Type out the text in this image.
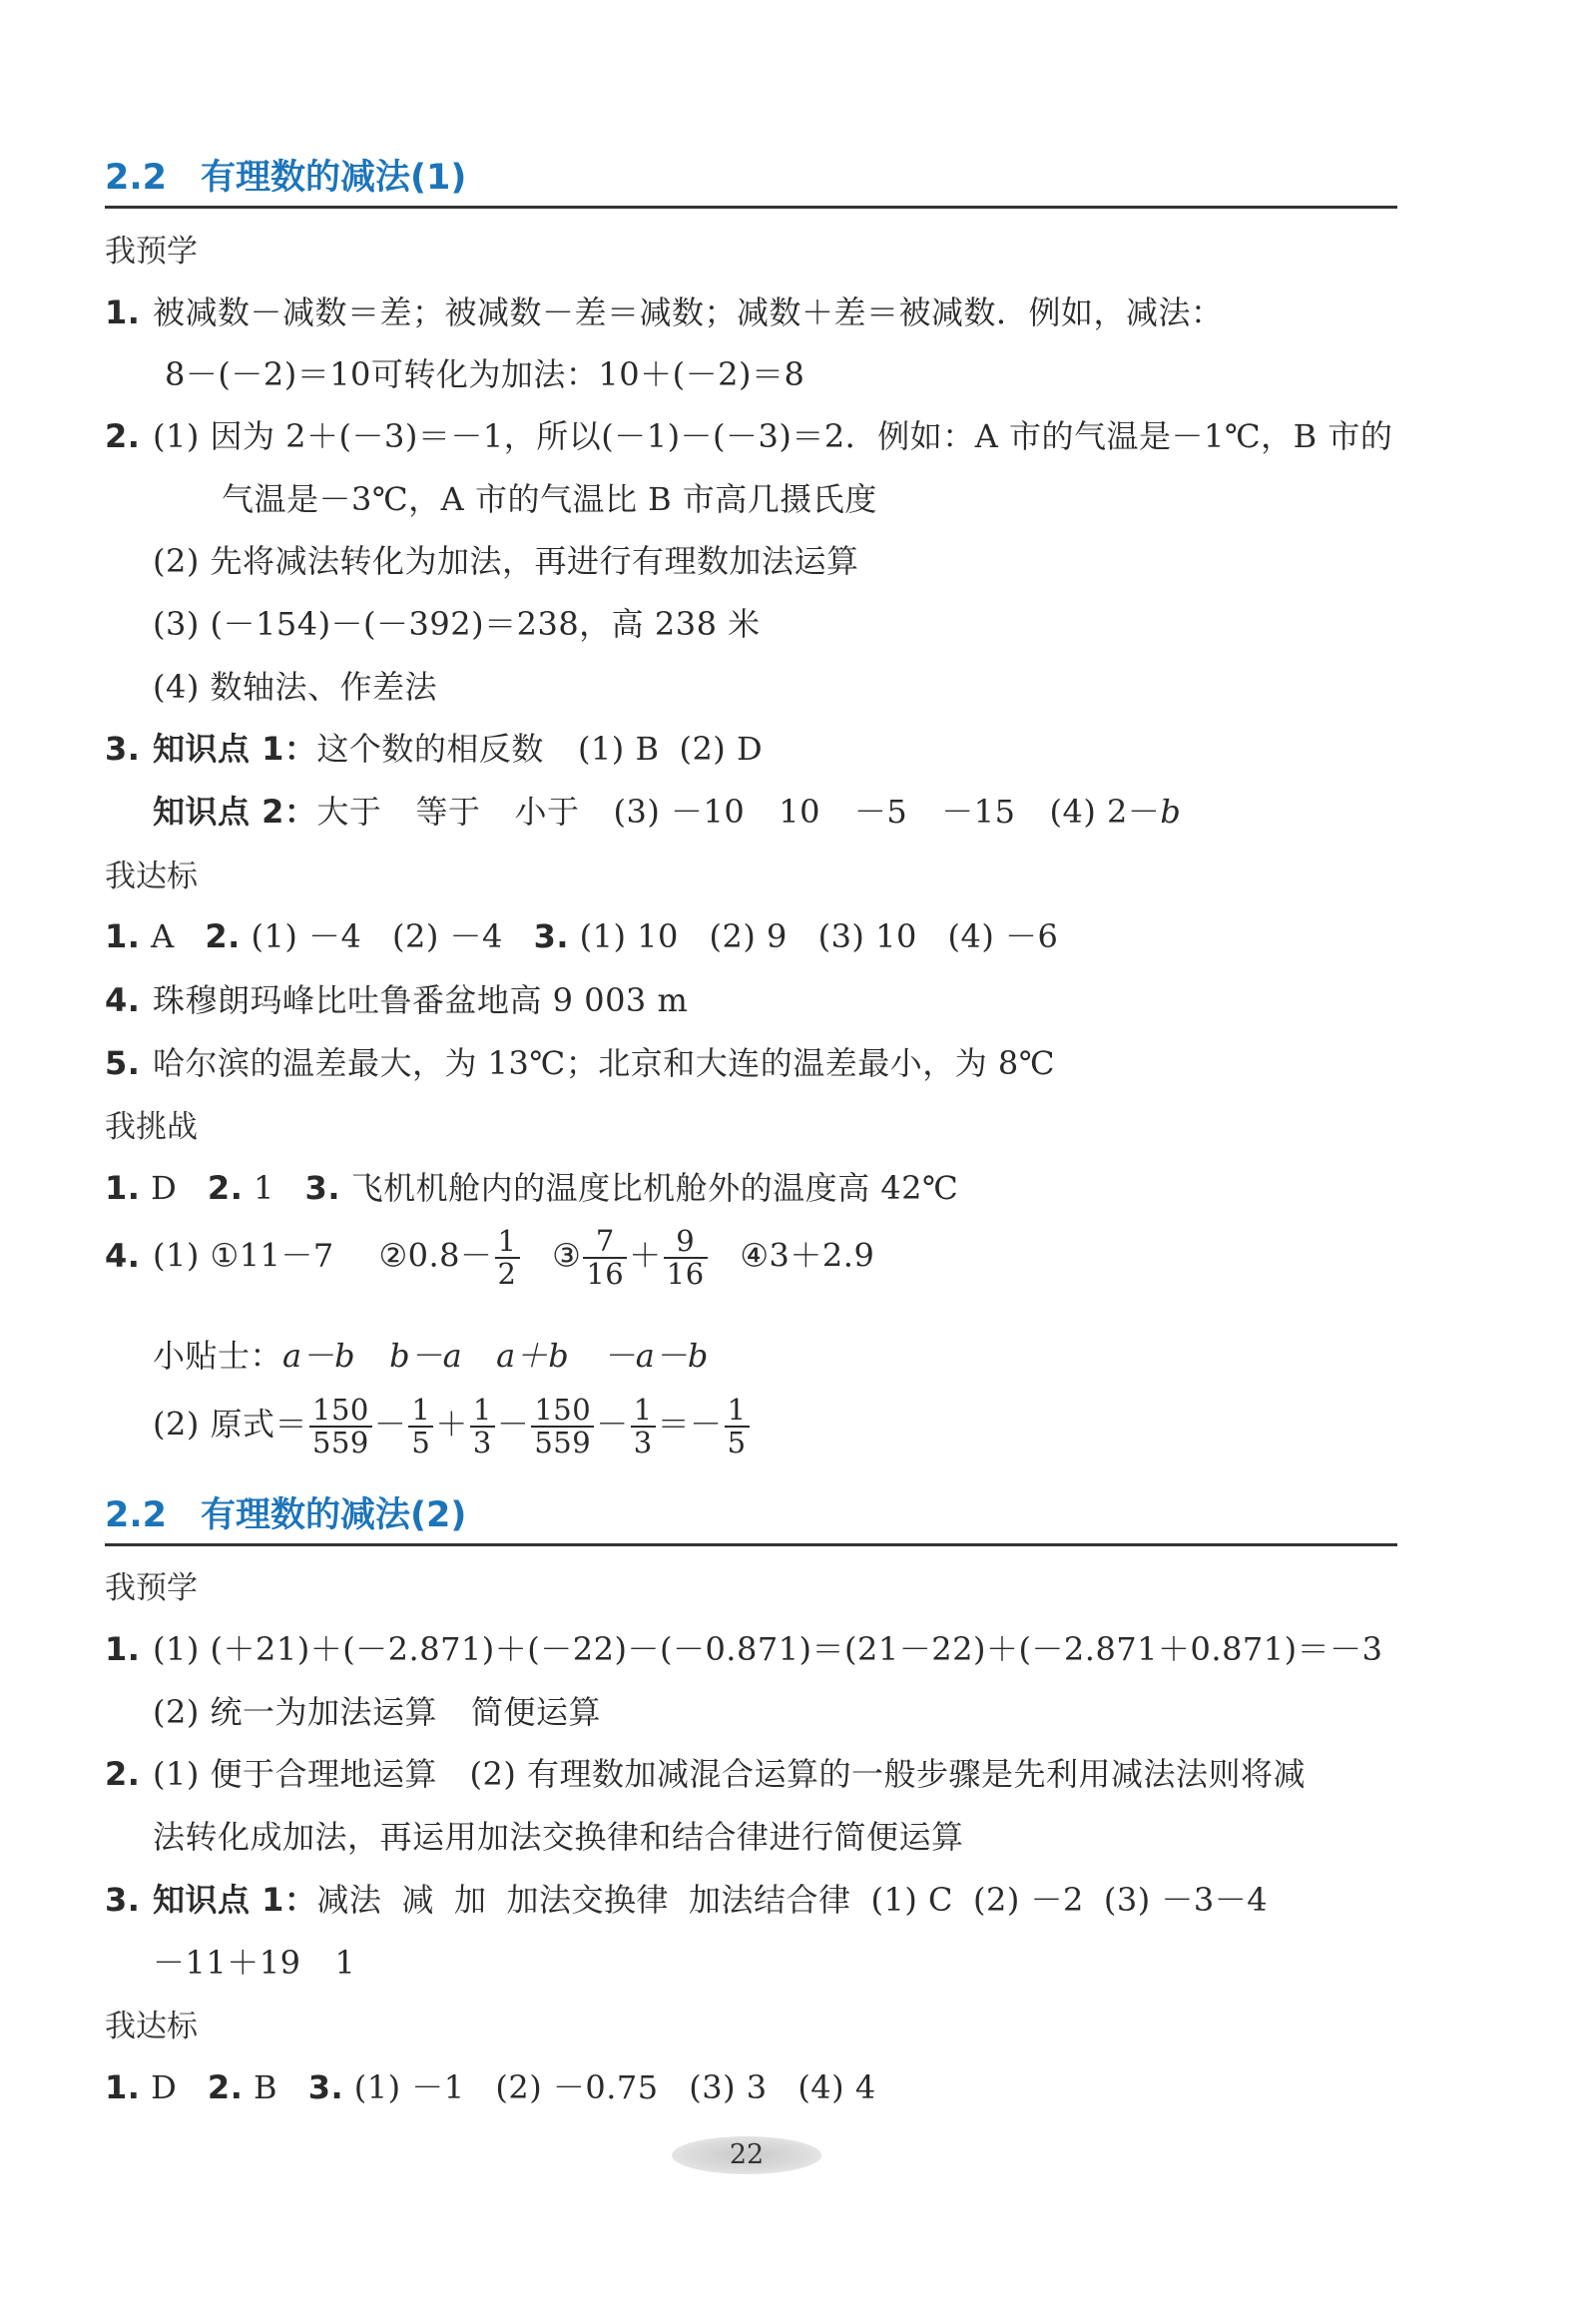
2.2 有理数的减法(1)
我预学
1. 被减数－减数＝差；被减数－差＝减数；减数＋差＝被减数．例如，减法：
8－(－2)＝10可转化为加法：10＋(－2)＝8
2. (1) 因为 2＋(－3)＝－1，所以(－1)－(－3)＝2．例如：A 市的气温是－1℃，B 市的
气温是－3℃，A 市的气温比 B 市高几摄氏度
(2) 先将减法转化为加法，再进行有理数加法运算
(3) (－154)－(－392)＝238，高 238 米
(4) 数轴法、作差法
3. 知识点 1：这个数的相反数 (1) B (2) D
知识点 2：大于 等于 小于 (3) －10 10 －5 －15 (4) 2－b
我达标
1. A 2. (1) －4 (2) －4 3. (1) 10 (2) 9 (3) 10 (4) －6
4. 珠穆朗玛峰比吐鲁番盆地高 9 003 m
5. 哈尔滨的温差最大，为 13℃；北京和大连的温差最小，为 8℃
我挑战
1. D 2. 1 3. 飞机机舱内的温度比机舱外的温度高 42℃
4. (1) ①11－7 ②0.8－ $\frac{1}{2}$ ③ $\frac{7}{16} + \frac{9}{16}$ ④3＋2.9
小贴士：a－b b－a a＋b －a－b
(2) 原式＝ $\frac{150}{559} - \frac{1}{5} + \frac{1}{3} - \frac{150}{559} - \frac{1}{3} =- \frac{1}{5}$
2.2 有理数的减法(2)
我预学
1. (1) (＋21)＋(－2.871)＋(－22)－(－0.871)＝(21－22)＋(－2.871＋0.871)＝－3
(2) 统一为加法运算 简便运算
2. (1) 便于合理地运算　(2) 有理数加减混合运算的一般步骤是先利用减法法则将减
法转化成加法，再运用加法交换律和结合律进行简便运算
3. 知识点 1：减法 减 加 加法交换律 加法结合律 (1) C (2) －2 (3) －3－4
－11＋19 1
我达标
1. D 2. B 3. (1) －1 (2) －0.75 (3) 3 (4) 4
22
